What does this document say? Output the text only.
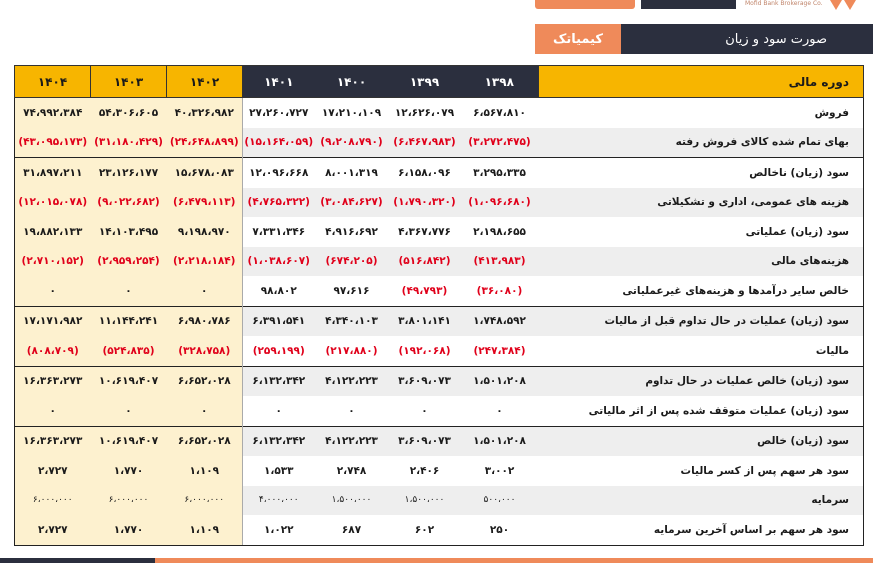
Mofid Bank Brokerage Co.
کیمیاتک	صورت سود و زیان
۱۴۰۴	۱۴۰۳	۱۴۰۲	۱۴۰۱	۱۴۰۰	۱۳۹۹	۱۳۹۸	دوره مالی
۷۴،۹۹۲،۳۸۴	۵۴،۳۰۶،۶۰۵	۴۰،۳۲۶،۹۸۲	۲۷،۲۶۰،۷۲۷	۱۷،۲۱۰،۱۰۹	۱۲،۶۲۶،۰۷۹	۶،۵۶۷،۸۱۰	فروش
(۴۳،۰۹۵،۱۷۳)	(۳۱،۱۸۰،۴۲۹)	(۲۴،۶۴۸،۸۹۹)	(۱۵،۱۶۴،۰۵۹)	(۹،۲۰۸،۷۹۰)	(۶،۴۶۷،۹۸۳)	(۳،۲۷۲،۴۷۵)	بهای تمام شده کالای فروش رفته
۳۱،۸۹۷،۲۱۱	۲۳،۱۲۶،۱۷۷	۱۵،۶۷۸،۰۸۳	۱۲،۰۹۶،۶۶۸	۸،۰۰۱،۳۱۹	۶،۱۵۸،۰۹۶	۳،۲۹۵،۳۳۵	سود (زیان) ناخالص
(۱۲،۰۱۵،۰۷۸)	(۹،۰۲۲،۶۸۲)	(۶،۴۷۹،۱۱۳)	(۴،۷۶۵،۳۲۲)	(۳،۰۸۴،۶۲۷)	(۱،۷۹۰،۳۲۰)	(۱،۰۹۶،۶۸۰)	هزینه های عمومی، اداری و تشکیلاتی
۱۹،۸۸۲،۱۳۳	۱۴،۱۰۳،۴۹۵	۹،۱۹۸،۹۷۰	۷،۳۳۱،۳۴۶	۴،۹۱۶،۶۹۲	۴،۳۶۷،۷۷۶	۲،۱۹۸،۶۵۵	سود (زیان) عملیاتی
(۲،۷۱۰،۱۵۲)	(۲،۹۵۹،۲۵۴)	(۲،۲۱۸،۱۸۴)	(۱،۰۳۸،۶۰۷)	(۶۷۴،۲۰۵)	(۵۱۶،۸۴۲)	(۴۱۳،۹۸۳)	هزینه‌های مالی
۰	۰	۰	۹۸،۸۰۲	۹۷،۶۱۶	(۴۹،۷۹۳)	(۳۶،۰۸۰)	خالص سایر درآمدها و هزینه‌های غیرعملیاتی
۱۷،۱۷۱،۹۸۲	۱۱،۱۴۴،۲۴۱	۶،۹۸۰،۷۸۶	۶،۳۹۱،۵۴۱	۴،۳۴۰،۱۰۳	۳،۸۰۱،۱۴۱	۱،۷۴۸،۵۹۲	سود (زیان) عملیات در حال تداوم قبل از مالیات
(۸۰۸،۷۰۹)	(۵۲۴،۸۳۵)	(۳۲۸،۷۵۸)	(۲۵۹،۱۹۹)	(۲۱۷،۸۸۰)	(۱۹۲،۰۶۸)	(۲۴۷،۳۸۴)	مالیات
۱۶،۳۶۳،۲۷۳	۱۰،۶۱۹،۴۰۷	۶،۶۵۲،۰۲۸	۶،۱۳۲،۳۴۲	۴،۱۲۲،۲۲۳	۳،۶۰۹،۰۷۳	۱،۵۰۱،۲۰۸	سود (زیان) خالص عملیات در حال تداوم
۰	۰	۰	۰	۰	۰	۰	سود (زیان) عملیات متوقف شده پس از اثر مالیاتی
۱۶،۳۶۳،۲۷۳	۱۰،۶۱۹،۴۰۷	۶،۶۵۲،۰۲۸	۶،۱۳۲،۳۴۲	۴،۱۲۲،۲۲۳	۳،۶۰۹،۰۷۳	۱،۵۰۱،۲۰۸	سود (زیان) خالص
۲،۷۲۷	۱،۷۷۰	۱،۱۰۹	۱،۵۳۳	۲،۷۴۸	۲،۴۰۶	۳،۰۰۲	سود هر سهم پس از کسر مالیات
۶،۰۰۰،۰۰۰	۶،۰۰۰،۰۰۰	۶،۰۰۰،۰۰۰	۴،۰۰۰،۰۰۰	۱،۵۰۰،۰۰۰	۱،۵۰۰،۰۰۰	۵۰۰،۰۰۰	سرمایه
۲،۷۲۷	۱،۷۷۰	۱،۱۰۹	۱،۰۲۲	۶۸۷	۶۰۲	۲۵۰	سود هر سهم بر اساس آخرین سرمایه
